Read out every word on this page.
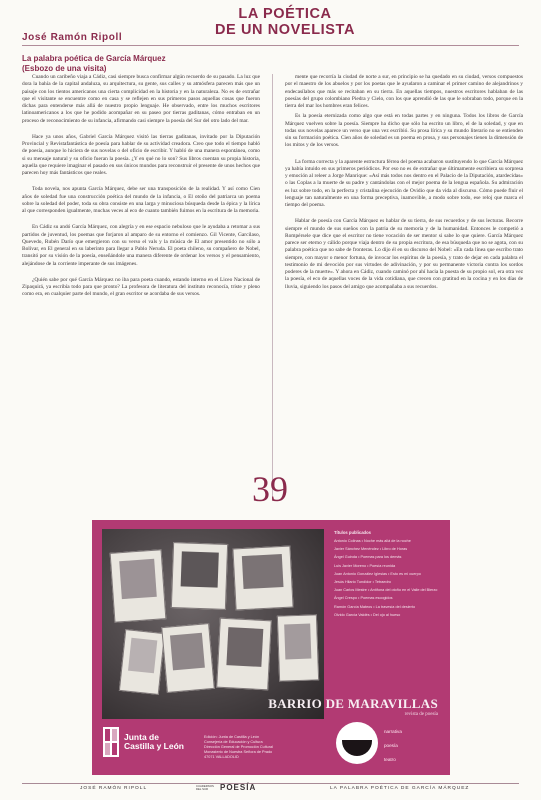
LA POÉTICA
DE UN NOVELISTA
José Ramón Ripoll
La palabra poética de García Márquez
(Esbozo de una visita)

Cuando un caribeño viaja a Cádiz, casi siempre busca confirmar algún recuerdo de su pasado. La luz que dora la bahía de la capital andaluza, su arquitectura, su gente, sus calles y su atmósfera parecen más que un paisaje con los tientos americanos una cierta complicidad en la historia y en la naturaleza. No es de extrañar que el visitante se encuentre como en casa y se reflejen en sus primeros pasos aquellas cosas que fueron dichas para entenderse más allá de nuestro propio lenguaje. He observado, entre los muchos escritores latinoamericanos a los que he podido acompañar en su paseo por tierras gaditanas, cómo entraban en un proceso de reconocimiento de su infancia, afirmando casi siempre la poesía del Sur del otro lado del mar.

Hace ya unos años, Gabriel García Márquez visitó las tierras gaditanas, invitado por la Diputación Provincial y Revistafantástica de poesía para hablar de su actividad creadora. Creo que todo el tiempo habló de poesía, aunque lo hiciera de sus novelas o del oficio de escribir. Y habló de una manera espontánea, como si su mensaje natural y su oficio fueran la poesía. ¿Y en qué no lo son? Sus libros cuentan su propia historia, aquella que requiere imaginar el pasado en sus únicos mundos para reconstruir el presente de unos hechos que parecen hoy más fantásticos que reales.

Toda novela, nos apunta García Márquez, debe ser una transposición de la realidad. Y así como Cien años de soledad fue una construcción poética del mundo de la infancia, o El otoño del patriarca un poema sobre la soledad del poder, toda su obra consiste en una larga y minuciosa búsqueda desde la épica y la lírica al que corresponden igualmente, muchas veces al eco de cuanto también fuimos en la escritura de la memoria.

En Cádiz su andó García Márquez, con alegría y en ese espacio nebuloso que le ayudaba a retomar a sus partidos de juventud, los poemas que forjaron al amparo de su entorno el comienzo. Gil Vicente, Garcilaso, Quevedo, Rubén Darío que emergieron con su verso el vals y la música de El amor presentido no sólo a Bolívar, en El general en su laberinto para llegar a Pablo Neruda. El poeta chileno, su compañero de Nobel, transitó por su visión de la poesía, enseñándole una manera diferente de ordenar los versos y el pensamiento, alejándose de la corriente imperante de sus imágenes.

¿Quién sabe por qué García Márquez no iba para poeta cuando, estando interno en el Liceo Nacional de Zipaquirá, ya escribía todo para que pronto? La profesora de literatura del instituto reconocía, triste y pleno como era, en cualquier parte del mundo, el gran escritor se acordaba de sus versos.

mente que recorría la ciudad de norte a sur, en principio se ha quedado en su ciudad, versos compuestos por el maestro de los abuelos y por los poetas que le ayudaron a caminar el primer camino de alejandrinos y endecasílabos que más se recitaban en su tierra. En aquellas tiempos, nuestros escritores hablaban de las poesías del grupo colombiano Piedra y Cielo, con los que aprendió de las que le sobraban todo, porque en la tierra del mar los hombres eran felices.

Es la poesía eternizada como algo que está en todas partes y en ninguna. Todos los libros de García Márquez vuelven sobre la poesía. Siempre ha dicho que sólo ha escrito un libro, el de la soledad, y que en todas sus novelas aparece un verso que una vez escribió. Su prosa lírica y su mundo literario no se entienden sin su formación poética. Cien años de soledad es un poema en prosa, y sus personajes tienen la dimensión de los mitos y de los versos.

La forma correcta y la aparente estructura férrea del poema acabaron sustituyendo lo que García Márquez ya había intuido en sus primeros periódicos. Por eso no es de extrañar que últimamente escribiera su sorpresa y emoción al releer a Jorge Manrique: «Así más todos nos dentro en el Palacio de la Diputación, atardecidas» o las Coplas a la muerte de su padre y cantándolas con el mejor poema de la lengua española. Su admiración es luz sobre todo, en la perfecta y cristalina ejecución de Ovidio que da vida al discurso. Cómo puede fluir el lenguaje tan naturalmente en una forma preceptiva, inamovible, a modo sobre todo, ese reloj que marca el tiempo del poema.

Hablar de poesía con García Márquez es hablar de su tierra, de sus recuerdos y de sus lecturas. Recorre siempre el mundo de sus sueños con la patria de su memoria y de la humanidad. Entonces le competió a Rompérsele que dice que el escritor no tiene vocación de ser mentor si sabe lo que quiere. García Márquez parece ser eterno y cálido porque viaja dentro de su propia escritura, de esa búsqueda que no se agota, con su palabra poética que no sabe de fronteras. Lo dijo él en su discurso del Nobel: «En cada línea que escribo trato siempre, con mayor o menor fortuna, de invocar los espíritus de la poesía, y trato de dejar en cada palabra el testimonio de mi devoción por sus virtudes de adivinación, y por su permanente victoria contra los sordos poderes de la muerte». Y ahora en Cádiz, cuando caminó por ahí hacia la puesta de su propio sol, era otra vez la poesía, el eco de aquellas voces de la vida cotidiana, que crecen con gratitud en la cocina y en los días de lluvia, siguiendo los pasos del amigo que acompañaba a sus recuerdos.

39
BARRIO DE MARAVILLAS
revista de poesía
Títulos publicados
Antonio Colinas • Noche más allá de la noche
Javier Sánchez Menéndez • Libro de Horas
Ángel Guinda • Poemas para los demás
Luis Javier Moreno • Poesía reunida
Juan Antonio González Iglesias • Esto es mi cuerpo
Jesús Hilario Tundidor • Tetraedro
Juan Carlos Mestre • Antífona del otoño en el Valle del Bierzo
Ángel Crespo • Poemas escogidos
Ramón García Mateos • La travesía del desierto
Olvido García Valdés • Del ojo al hueso
Junta de
Castilla y León
Edición: Junta de Castilla y León
Consejería de Educación y Cultura
Dirección General de Promoción Cultural
Monasterio de Nuestra Señora de Prado
47071 VALLADOLID
narrativa
poesía
teatro
JOSÉ RAMÓN RIPOLL	CUADERNOS DEL SUR	POESÍA	LA PALABRA POÉTICA DE GARCÍA MÁRQUEZ
